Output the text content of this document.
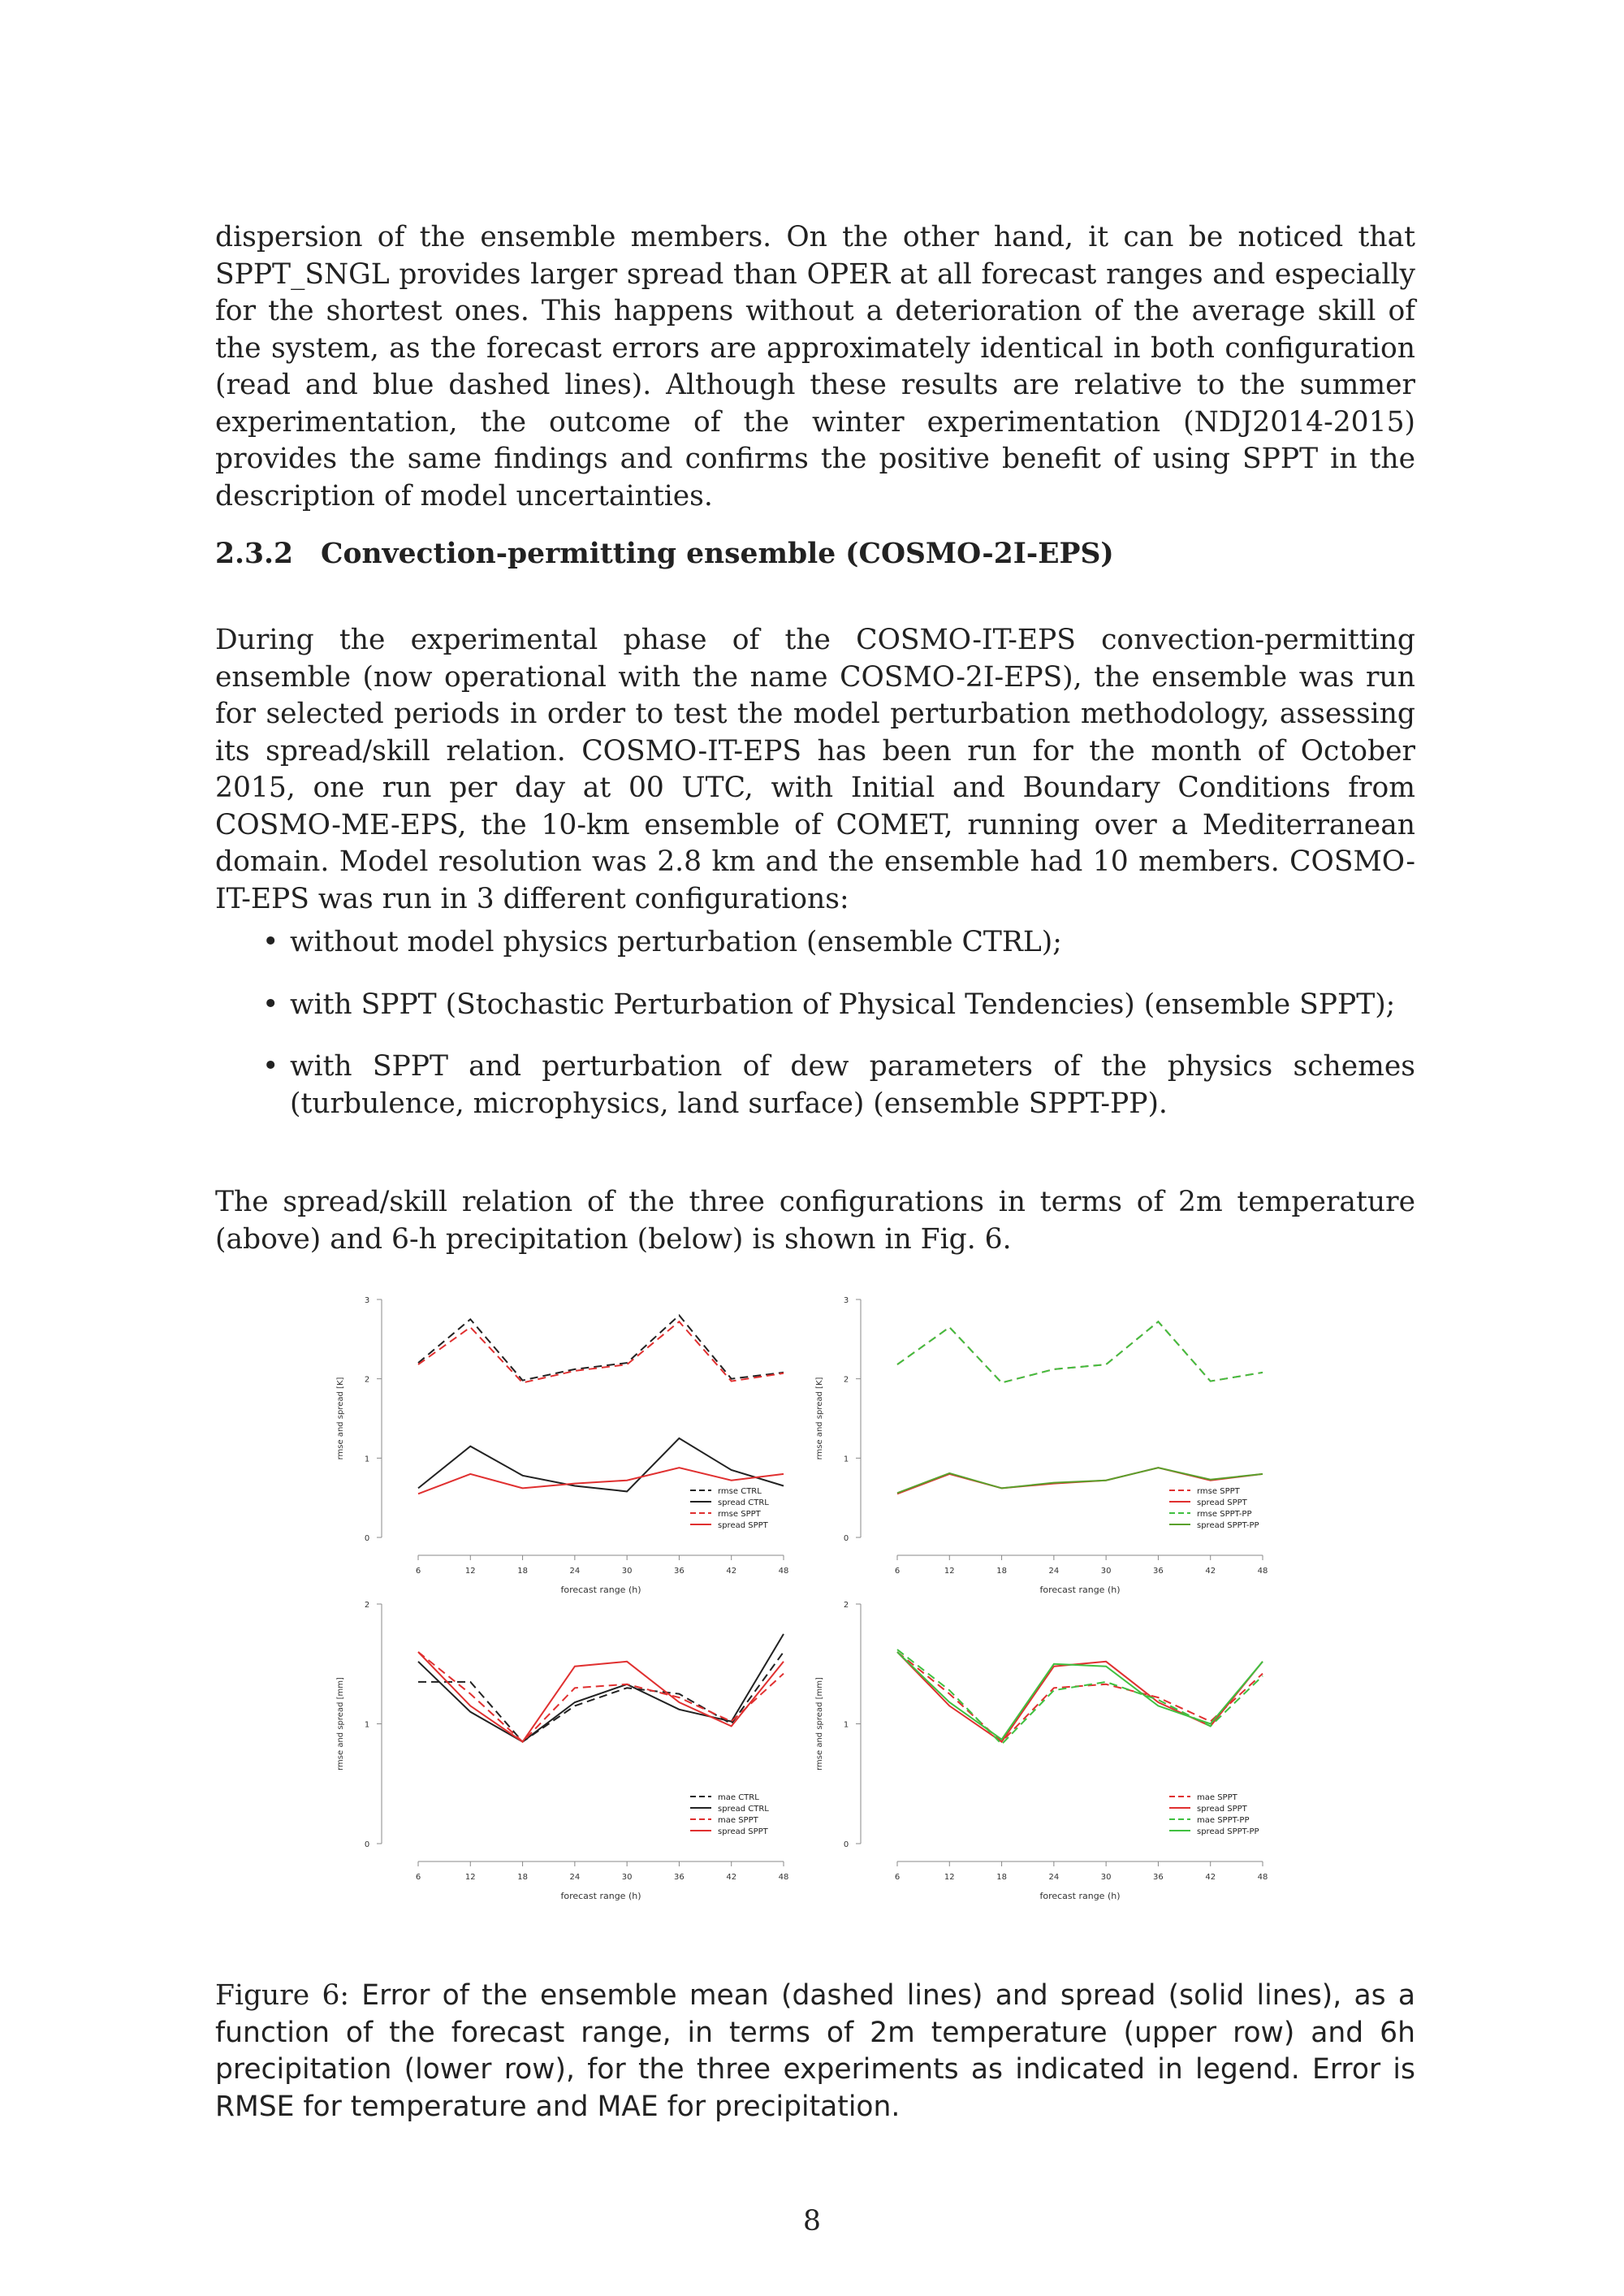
dispersion of the ensemble members. On the other hand, it can be noticed that SPPT_SNGL provides larger spread than OPER at all forecast ranges and especially for the shortest ones. This happens without a deterioration of the average skill of the system, as the forecast errors are approximately identical in both configuration (read and blue dashed lines). Although these results are relative to the summer experimentation, the outcome of the winter experimentation (NDJ2014-2015) provides the same findings and confirms the positive benefit of using SPPT in the description of model uncertainties.

2.3.2 Convection-permitting ensemble (COSMO-2I-EPS)

During the experimental phase of the COSMO-IT-EPS convection-permitting ensemble (now operational with the name COSMO-2I-EPS), the ensemble was run for selected periods in order to test the model perturbation methodology, assessing its spread/skill relation. COSMO-IT-EPS has been run for the month of October 2015, one run per day at 00 UTC, with Initial and Boundary Conditions from COSMO-ME-EPS, the 10-km ensemble of COMET, running over a Mediterranean domain. Model resolution was 2.8 km and the ensemble had 10 members. COSMO-IT-EPS was run in 3 different configurations:

• without model physics perturbation (ensemble CTRL);
• with SPPT (Stochastic Perturbation of Physical Tendencies) (ensemble SPPT);
• with SPPT and perturbation of dew parameters of the physics schemes (turbulence, microphysics, land surface) (ensemble SPPT-PP).

The spread/skill relation of the three configurations in terms of 2m temperature (above) and 6-h precipitation (below) is shown in Fig. 6.

0
1
2
3
rmse and spread [K]
6	12	18	24	30	36	42	48
forecast range (h)
rmse CTRL
spread CTRL
rmse SPPT
spread SPPT
0
1
2
3
rmse and spread [K]
6	12	18	24	30	36	42	48
forecast range (h)
rmse SPPT
spread SPPT
rmse SPPT-PP
spread SPPT-PP
0
1
2
rmse and spread [mm]
6	12	18	24	30	36	42	48
forecast range (h)
mae CTRL
spread CTRL
mae SPPT
spread SPPT
0
1
2
rmse and spread [mm]
6	12	18	24	30	36	42	48
forecast range (h)
mae SPPT
spread SPPT
mae SPPT-PP
spread SPPT-PP

Figure 6: Error of the ensemble mean (dashed lines) and spread (solid lines), as a function of the forecast range, in terms of 2m temperature (upper row) and 6h precipitation (lower row), for the three experiments as indicated in legend. Error is RMSE for temperature and MAE for precipitation.

8
